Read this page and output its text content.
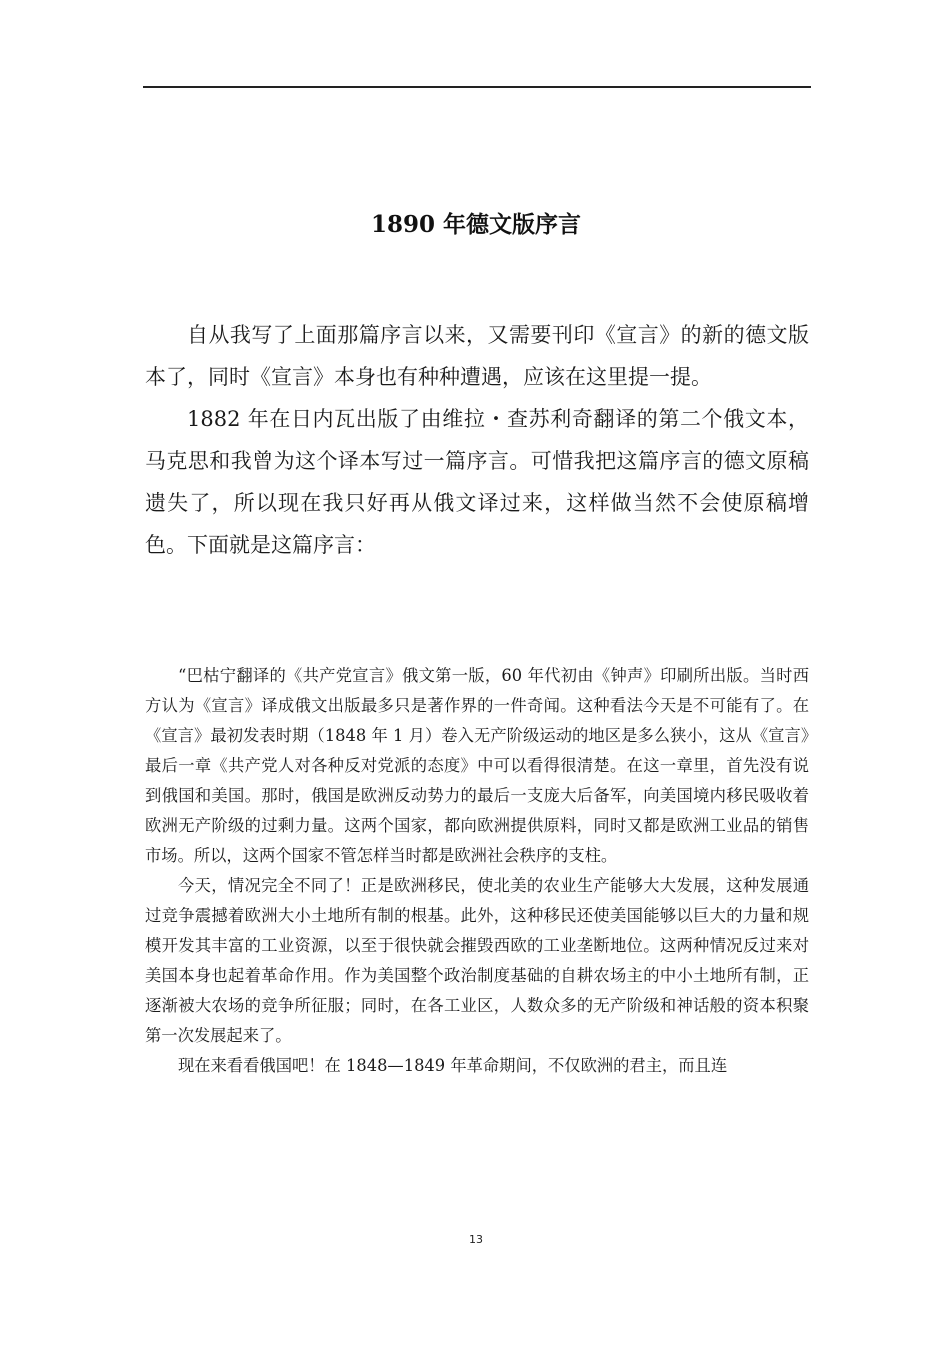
1890 年德文版序言

自从我写了上面那篇序言以来，又需要刊印《宣言》的新的德文版本了，同时《宣言》本身也有种种遭遇，应该在这里提一提。

1882 年在日内瓦出版了由维拉・查苏利奇翻译的第二个俄文本，马克思和我曾为这个译本写过一篇序言。可惜我把这篇序言的德文原稿遗失了，所以现在我只好再从俄文译过来，这样做当然不会使原稿增色。下面就是这篇序言：

“巴枯宁翻译的《共产党宣言》俄文第一版，60 年代初由《钟声》印刷所出版。当时西方认为《宣言》译成俄文出版最多只是著作界的一件奇闻。这种看法今天是不可能有了。在《宣言》最初发表时期（1848 年 1 月）卷入无产阶级运动的地区是多么狭小，这从《宣言》最后一章《共产党人对各种反对党派的态度》中可以看得很清楚。在这一章里，首先没有说到俄国和美国。那时，俄国是欧洲反动势力的最后一支庞大后备军，向美国境内移民吸收着欧洲无产阶级的过剩力量。这两个国家，都向欧洲提供原料，同时又都是欧洲工业品的销售市场。所以，这两个国家不管怎样当时都是欧洲社会秩序的支柱。

今天，情况完全不同了！正是欧洲移民，使北美的农业生产能够大大发展，这种发展通过竞争震撼着欧洲大小土地所有制的根基。此外，这种移民还使美国能够以巨大的力量和规模开发其丰富的工业资源，以至于很快就会摧毁西欧的工业垄断地位。这两种情况反过来对美国本身也起着革命作用。作为美国整个政治制度基础的自耕农场主的中小土地所有制，正逐渐被大农场的竞争所征服；同时，在各工业区，人数众多的无产阶级和神话般的资本积聚第一次发展起来了。

现在来看看俄国吧！在 1848—1849 年革命期间，不仅欧洲的君主，而且连

13
